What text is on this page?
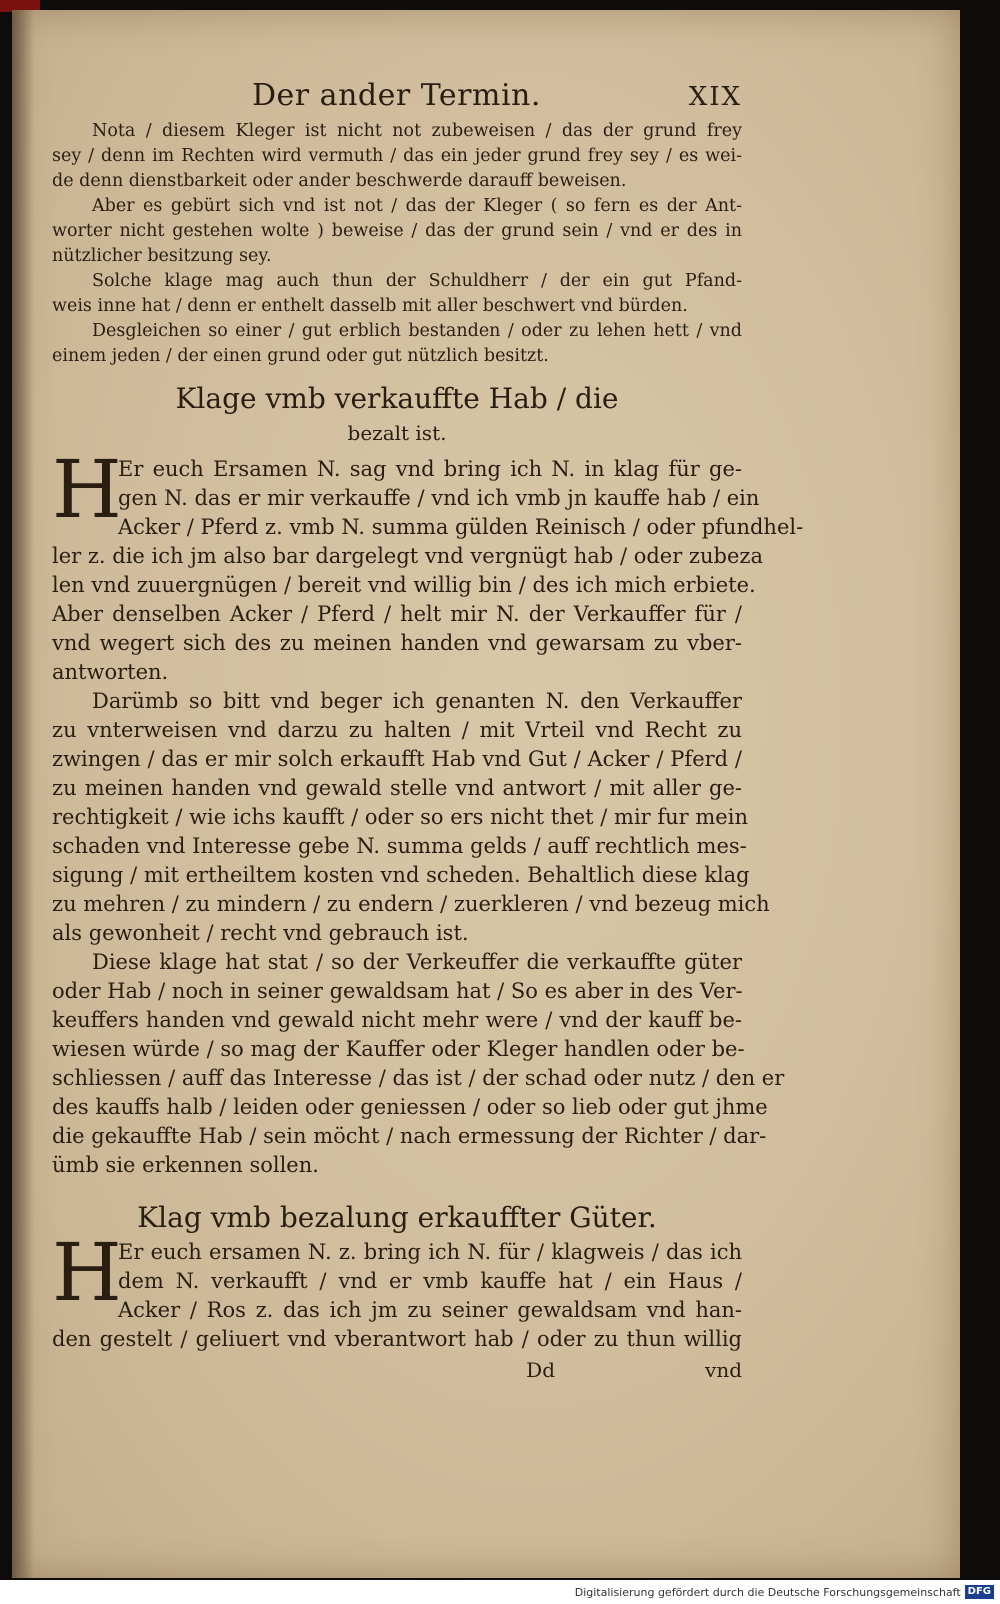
Der ander Termin.	XIX
Nota / diesem Kleger ist nicht not zubeweisen / das der grund frey
sey / denn im Rechten wird vermuth / das ein jeder grund frey sey / es wei-
de denn dienstbarkeit oder ander beschwerde darauff beweisen.
Aber es gebürt sich vnd ist not / das der Kleger ( so fern es der Ant-
worter nicht gestehen wolte ) beweise / das der grund sein / vnd er des in
nützlicher besitzung sey.
Solche klage mag auch thun der Schuldherr / der ein gut Pfand-
weis inne hat / denn er enthelt dasselb mit aller beschwert vnd bürden.
Desgleichen so einer / gut erblich bestanden / oder zu lehen hett / vnd
einem jeden / der einen grund oder gut nützlich besitzt.
Klage vmb verkauffte Hab / die
bezalt ist.
H
Er euch Ersamen N. sag vnd bring ich N. in klag für ge-
gen N. das er mir verkauffe / vnd ich vmb jn kauffe hab / ein
Acker / Pferd z. vmb N. summa gülden Reinisch / oder pfundhel-
ler z. die ich jm also bar dargelegt vnd vergnügt hab / oder zubeza
len vnd zuuergnügen / bereit vnd willig bin / des ich mich erbiete.
Aber denselben Acker / Pferd / helt mir N. der Verkauffer für /
vnd wegert sich des zu meinen handen vnd gewarsam zu vber-
antworten.
Darümb so bitt vnd beger ich genanten N. den Verkauffer
zu vnterweisen vnd darzu zu halten / mit Vrteil vnd Recht zu
zwingen / das er mir solch erkaufft Hab vnd Gut / Acker / Pferd /
zu meinen handen vnd gewald stelle vnd antwort / mit aller ge-
rechtigkeit / wie ichs kaufft / oder so ers nicht thet / mir fur mein
schaden vnd Interesse gebe N. summa gelds / auff rechtlich mes-
sigung / mit ertheiltem kosten vnd scheden. Behaltlich diese klag
zu mehren / zu mindern / zu endern / zuerkleren / vnd bezeug mich
als gewonheit / recht vnd gebrauch ist.
Diese klage hat stat / so der Verkeuffer die verkauffte güter
oder Hab / noch in seiner gewaldsam hat / So es aber in des Ver-
keuffers handen vnd gewald nicht mehr were / vnd der kauff be-
wiesen würde / so mag der Kauffer oder Kleger handlen oder be-
schliessen / auff das Interesse / das ist / der schad oder nutz / den er
des kauffs halb / leiden oder geniessen / oder so lieb oder gut jhme
die gekauffte Hab / sein möcht / nach ermessung der Richter / dar-
ümb sie erkennen sollen.
Klag vmb bezalung erkauffter Güter.
H
Er euch ersamen N. z. bring ich N. für / klagweis / das ich
dem N. verkaufft / vnd er vmb kauffe hat / ein Haus /
Acker / Ros z. das ich jm zu seiner gewaldsam vnd han-
den gestelt / geliuert vnd vberantwort hab / oder zu thun willig
Dd	vnd
Digitalisierung gefördert durch die Deutsche Forschungsgemeinschaft DFG
